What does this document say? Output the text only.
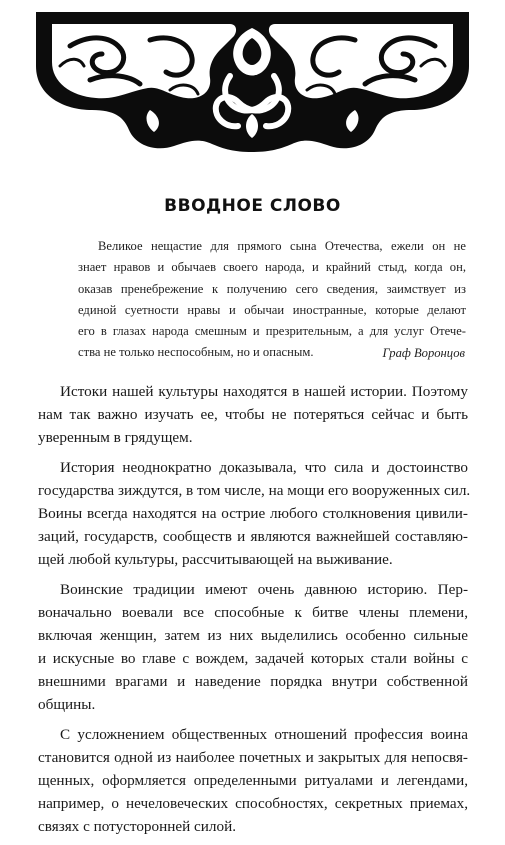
ВВОДНОЕ СЛОВО
Великое нещастие для прямого сына Отечества, ежели он не
знает нравов и обычаев своего народа, и крайний стыд, когда он,
оказав пренебрежение к получению сего сведения, заимствует из
единой суетности нравы и обычаи иностранные, которые делают
его в глазах народа смешным и презрительным, а для услуг Отече-
ства не только неспособным, но и опасным.	Граф Воронцов
Истоки нашей культуры находятся в нашей истории. Поэтому
нам так важно изучать ее, чтобы не потеряться сейчас и быть
уверенным в грядущем.
История неоднократно доказывала, что сила и достоинство
государства зиждутся, в том числе, на мощи его вооруженных сил.
Воины всегда находятся на острие любого столкновения цивили-
заций, государств, сообществ и являются важнейшей составляю-
щей любой культуры, рассчитывающей на выживание.
Воинские традиции имеют очень давнюю историю. Пер-
воначально воевали все способные к битве члены племени,
включая женщин, затем из них выделились особенно сильные
и искусные во главе с вождем, задачей которых стали войны с
внешними врагами и наведение порядка внутри собственной
общины.
С усложнением общественных отношений профессия воина
становится одной из наиболее почетных и закрытых для непосвя-
щенных, оформляется определенными ритуалами и легендами,
например, о нечеловеческих способностях, секретных приемах,
связях с потусторонней силой.
